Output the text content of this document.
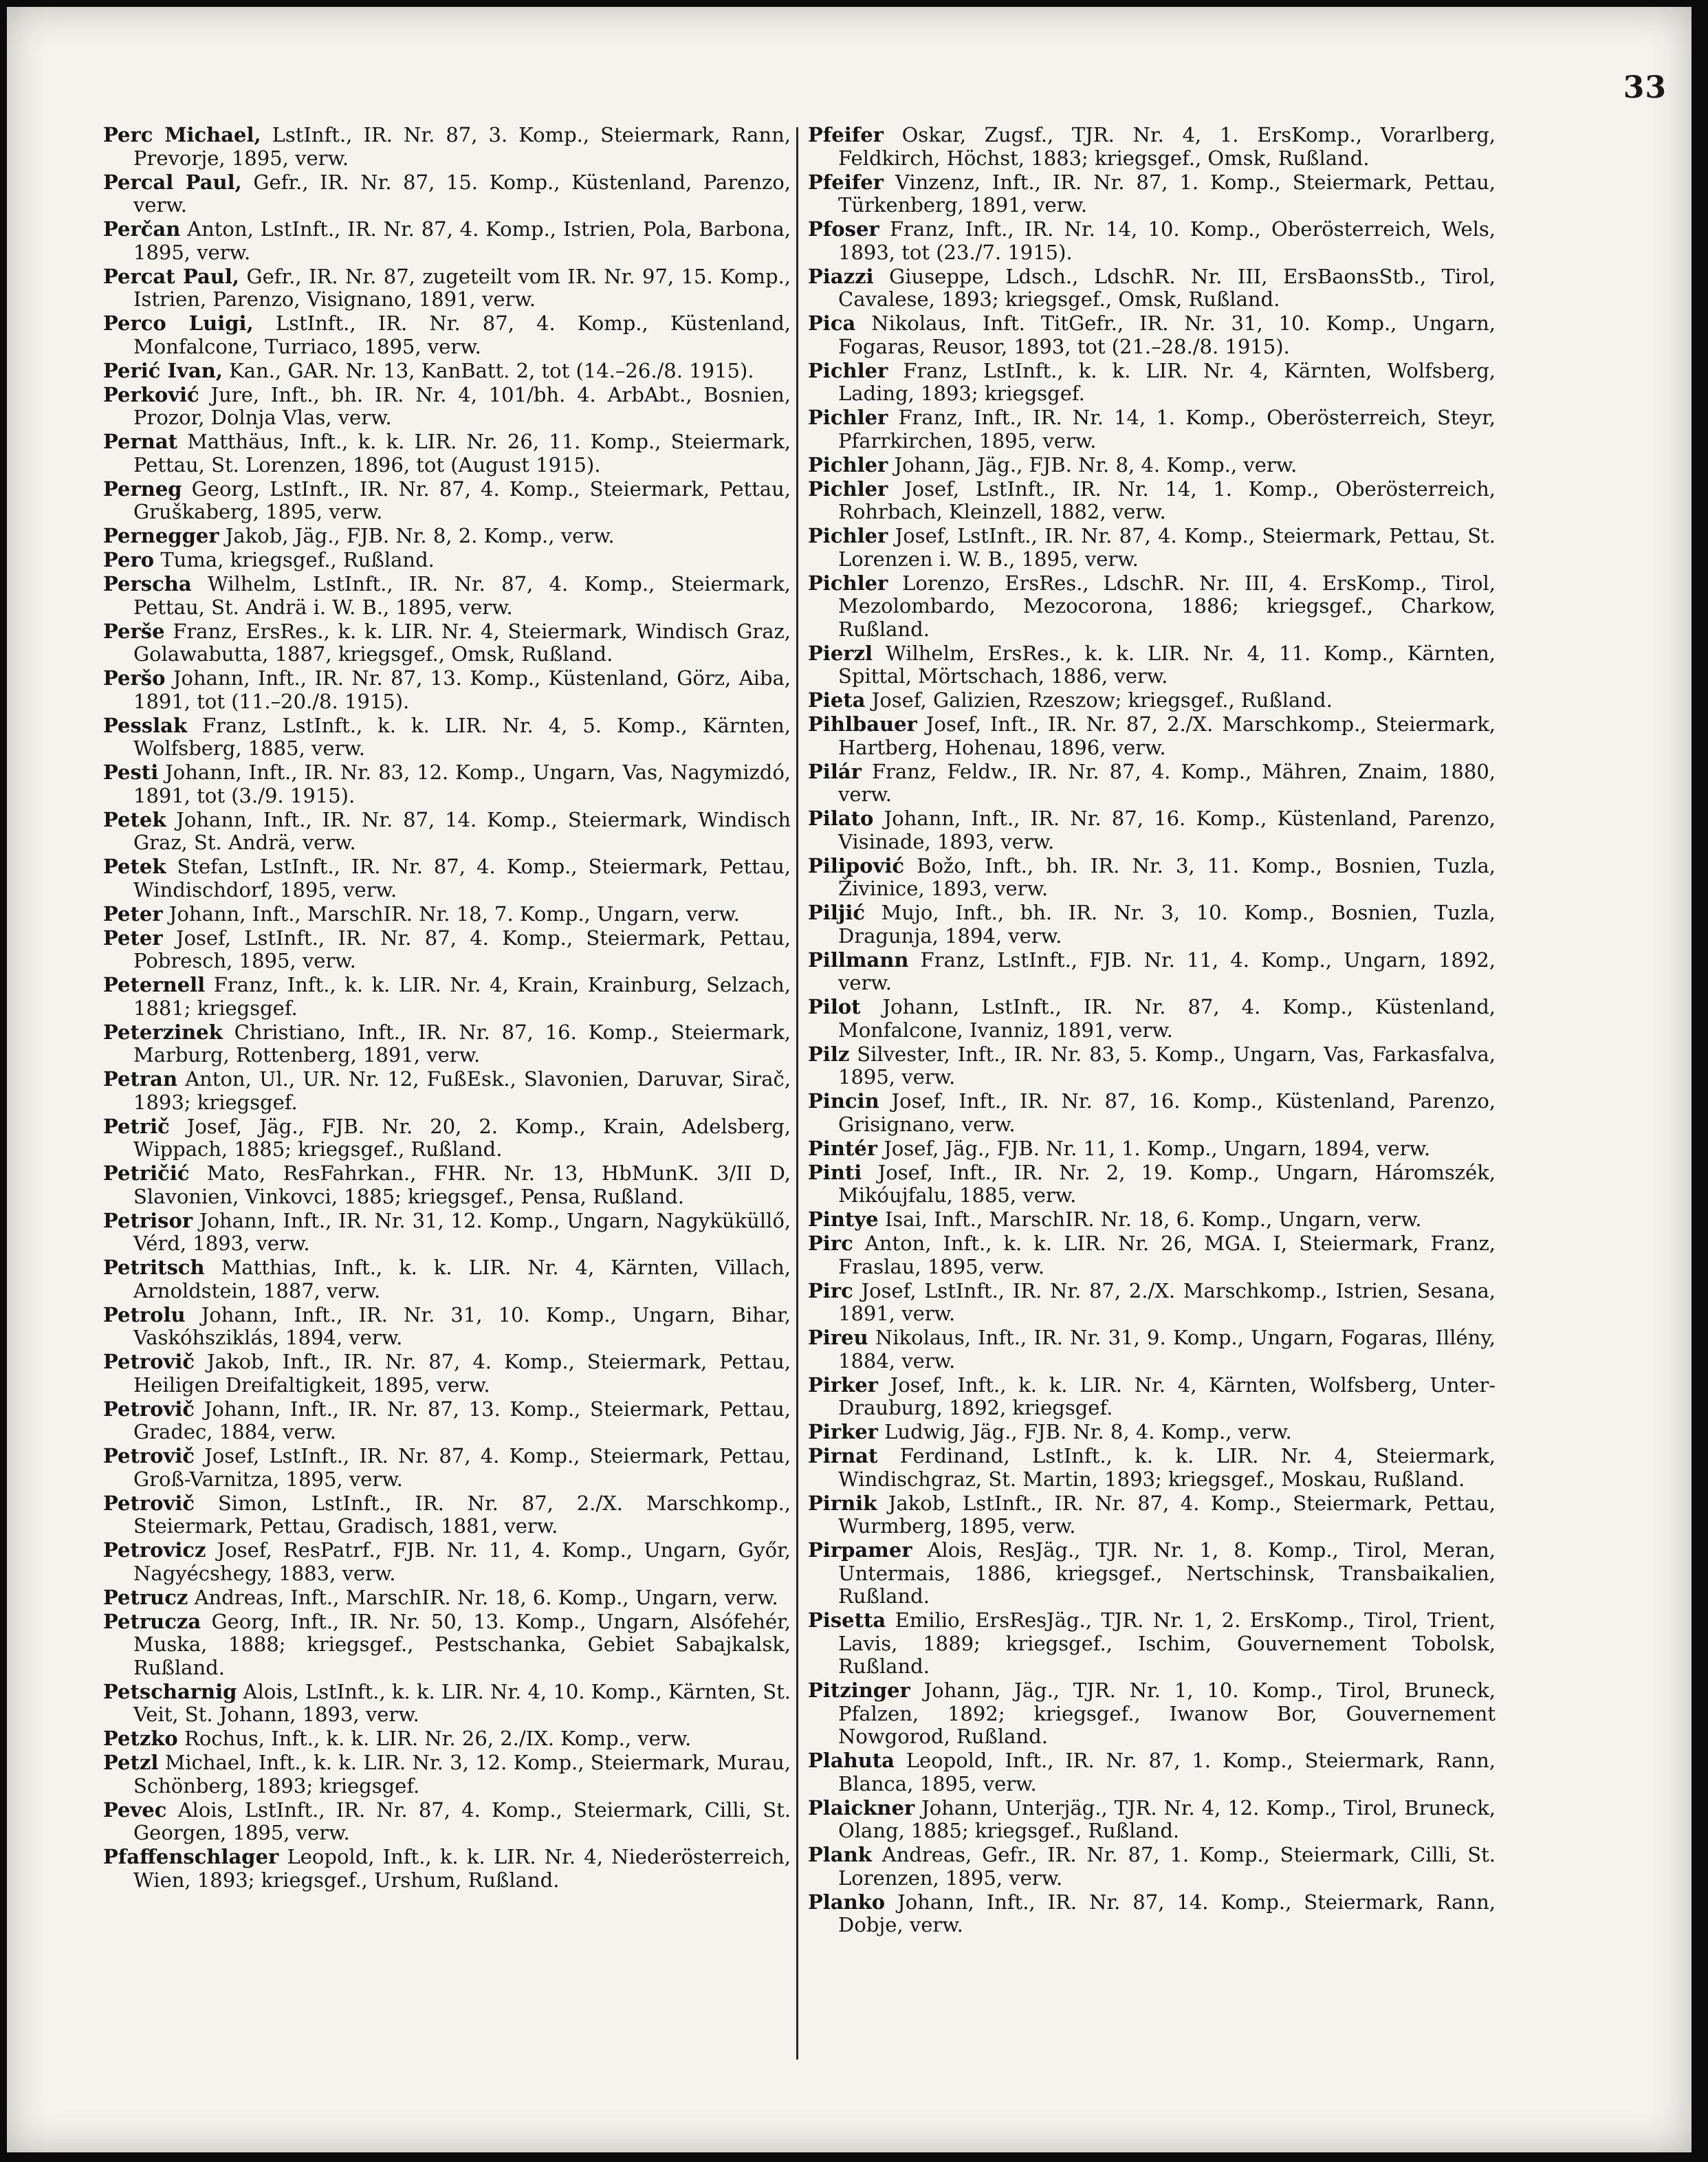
33

Perc Michael, LstInft., IR. Nr. 87, 3. Komp., Steiermark, Rann, Prevorje, 1895, verw.

Percal Paul, Gefr., IR. Nr. 87, 15. Komp., Küstenland, Parenzo, verw.

Perčan Anton, LstInft., IR. Nr. 87, 4. Komp., Istrien, Pola, Barbona, 1895, verw.

Percat Paul, Gefr., IR. Nr. 87, zugeteilt vom IR. Nr. 97, 15. Komp., Istrien, Parenzo, Visignano, 1891, verw.

Perco Luigi, LstInft., IR. Nr. 87, 4. Komp., Küstenland, Monfalcone, Turriaco, 1895, verw.

Perić Ivan, Kan., GAR. Nr. 13, KanBatt. 2, tot (14.–26./8. 1915).

Perković Jure, Inft., bh. IR. Nr. 4, 101/bh. 4. ArbAbt., Bosnien, Prozor, Dolnja Vlas, verw.

Pernat Matthäus, Inft., k. k. LIR. Nr. 26, 11. Komp., Steiermark, Pettau, St. Lorenzen, 1896, tot (August 1915).

Perneg Georg, LstInft., IR. Nr. 87, 4. Komp., Steiermark, Pettau, Gruškaberg, 1895, verw.

Pernegger Jakob, Jäg., FJB. Nr. 8, 2. Komp., verw.

Pero Tuma, kriegsgef., Rußland.

Perscha Wilhelm, LstInft., IR. Nr. 87, 4. Komp., Steiermark, Pettau, St. Andrä i. W. B., 1895, verw.

Perše Franz, ErsRes., k. k. LIR. Nr. 4, Steiermark, Windisch Graz, Golawabutta, 1887, kriegsgef., Omsk, Rußland.

Peršo Johann, Inft., IR. Nr. 87, 13. Komp., Küstenland, Görz, Aiba, 1891, tot (11.–20./8. 1915).

Pesslak Franz, LstInft., k. k. LIR. Nr. 4, 5. Komp., Kärnten, Wolfsberg, 1885, verw.

Pesti Johann, Inft., IR. Nr. 83, 12. Komp., Ungarn, Vas, Nagymizdó, 1891, tot (3./9. 1915).

Petek Johann, Inft., IR. Nr. 87, 14. Komp., Steiermark, Windisch Graz, St. Andrä, verw.

Petek Stefan, LstInft., IR. Nr. 87, 4. Komp., Steiermark, Pettau, Windischdorf, 1895, verw.

Peter Johann, Inft., MarschIR. Nr. 18, 7. Komp., Ungarn, verw.

Peter Josef, LstInft., IR. Nr. 87, 4. Komp., Steiermark, Pettau, Pobresch, 1895, verw.

Peternell Franz, Inft., k. k. LIR. Nr. 4, Krain, Krainburg, Selzach, 1881; kriegsgef.

Peterzinek Christiano, Inft., IR. Nr. 87, 16. Komp., Steiermark, Marburg, Rottenberg, 1891, verw.

Petran Anton, Ul., UR. Nr. 12, FußEsk., Slavonien, Daruvar, Sirač, 1893; kriegsgef.

Petrič Josef, Jäg., FJB. Nr. 20, 2. Komp., Krain, Adelsberg, Wippach, 1885; kriegsgef., Rußland.

Petričić Mato, ResFahrkan., FHR. Nr. 13, HbMunK. 3/II D, Slavonien, Vinkovci, 1885; kriegsgef., Pensa, Rußland.

Petrisor Johann, Inft., IR. Nr. 31, 12. Komp., Ungarn, Nagyküküllő, Vérd, 1893, verw.

Petritsch Matthias, Inft., k. k. LIR. Nr. 4, Kärnten, Villach, Arnoldstein, 1887, verw.

Petrolu Johann, Inft., IR. Nr. 31, 10. Komp., Ungarn, Bihar, Vaskóhsziklás, 1894, verw.

Petrovič Jakob, Inft., IR. Nr. 87, 4. Komp., Steiermark, Pettau, Heiligen Dreifaltigkeit, 1895, verw.

Petrovič Johann, Inft., IR. Nr. 87, 13. Komp., Steiermark, Pettau, Gradec, 1884, verw.

Petrovič Josef, LstInft., IR. Nr. 87, 4. Komp., Steiermark, Pettau, Groß-Varnitza, 1895, verw.

Petrovič Simon, LstInft., IR. Nr. 87, 2./X. Marschkomp., Steiermark, Pettau, Gradisch, 1881, verw.

Petrovicz Josef, ResPatrf., FJB. Nr. 11, 4. Komp., Ungarn, Győr, Nagyécshegy, 1883, verw.

Petrucz Andreas, Inft., MarschIR. Nr. 18, 6. Komp., Ungarn, verw.

Petrucza Georg, Inft., IR. Nr. 50, 13. Komp., Ungarn, Alsófehér, Muska, 1888; kriegsgef., Pestschanka, Gebiet Sabajkalsk, Rußland.

Petscharnig Alois, LstInft., k. k. LIR. Nr. 4, 10. Komp., Kärnten, St. Veit, St. Johann, 1893, verw.

Petzko Rochus, Inft., k. k. LIR. Nr. 26, 2./IX. Komp., verw.

Petzl Michael, Inft., k. k. LIR. Nr. 3, 12. Komp., Steiermark, Murau, Schönberg, 1893; kriegsgef.

Pevec Alois, LstInft., IR. Nr. 87, 4. Komp., Steiermark, Cilli, St. Georgen, 1895, verw.

Pfaffenschlager Leopold, Inft., k. k. LIR. Nr. 4, Niederösterreich, Wien, 1893; kriegsgef., Urshum, Rußland.

Pfeifer Oskar, Zugsf., TJR. Nr. 4, 1. ErsKomp., Vorarlberg, Feldkirch, Höchst, 1883; kriegsgef., Omsk, Rußland.

Pfeifer Vinzenz, Inft., IR. Nr. 87, 1. Komp., Steiermark, Pettau, Türkenberg, 1891, verw.

Pfoser Franz, Inft., IR. Nr. 14, 10. Komp., Oberösterreich, Wels, 1893, tot (23./7. 1915).

Piazzi Giuseppe, Ldsch., LdschR. Nr. III, ErsBaonsStb., Tirol, Cavalese, 1893; kriegsgef., Omsk, Rußland.

Pica Nikolaus, Inft. TitGefr., IR. Nr. 31, 10. Komp., Ungarn, Fogaras, Reusor, 1893, tot (21.–28./8. 1915).

Pichler Franz, LstInft., k. k. LIR. Nr. 4, Kärnten, Wolfsberg, Lading, 1893; kriegsgef.

Pichler Franz, Inft., IR. Nr. 14, 1. Komp., Oberösterreich, Steyr, Pfarrkirchen, 1895, verw.

Pichler Johann, Jäg., FJB. Nr. 8, 4. Komp., verw.

Pichler Josef, LstInft., IR. Nr. 14, 1. Komp., Oberösterreich, Rohrbach, Kleinzell, 1882, verw.

Pichler Josef, LstInft., IR. Nr. 87, 4. Komp., Steiermark, Pettau, St. Lorenzen i. W. B., 1895, verw.

Pichler Lorenzo, ErsRes., LdschR. Nr. III, 4. ErsKomp., Tirol, Mezolombardo, Mezocorona, 1886; kriegsgef., Charkow, Rußland.

Pierzl Wilhelm, ErsRes., k. k. LIR. Nr. 4, 11. Komp., Kärnten, Spittal, Mörtschach, 1886, verw.

Pieta Josef, Galizien, Rzeszow; kriegsgef., Rußland.

Pihlbauer Josef, Inft., IR. Nr. 87, 2./X. Marschkomp., Steiermark, Hartberg, Hohenau, 1896, verw.

Pilár Franz, Feldw., IR. Nr. 87, 4. Komp., Mähren, Znaim, 1880, verw.

Pilato Johann, Inft., IR. Nr. 87, 16. Komp., Küstenland, Parenzo, Visinade, 1893, verw.

Pilipović Božo, Inft., bh. IR. Nr. 3, 11. Komp., Bosnien, Tuzla, Živinice, 1893, verw.

Piljić Mujo, Inft., bh. IR. Nr. 3, 10. Komp., Bosnien, Tuzla, Dragunja, 1894, verw.

Pillmann Franz, LstInft., FJB. Nr. 11, 4. Komp., Ungarn, 1892, verw.

Pilot Johann, LstInft., IR. Nr. 87, 4. Komp., Küstenland, Monfalcone, Ivanniz, 1891, verw.

Pilz Silvester, Inft., IR. Nr. 83, 5. Komp., Ungarn, Vas, Farkasfalva, 1895, verw.

Pincin Josef, Inft., IR. Nr. 87, 16. Komp., Küstenland, Parenzo, Grisignano, verw.

Pintér Josef, Jäg., FJB. Nr. 11, 1. Komp., Ungarn, 1894, verw.

Pinti Josef, Inft., IR. Nr. 2, 19. Komp., Ungarn, Háromszék, Mikóujfalu, 1885, verw.

Pintye Isai, Inft., MarschIR. Nr. 18, 6. Komp., Ungarn, verw.

Pirc Anton, Inft., k. k. LIR. Nr. 26, MGA. I, Steiermark, Franz, Fraslau, 1895, verw.

Pirc Josef, LstInft., IR. Nr. 87, 2./X. Marschkomp., Istrien, Sesana, 1891, verw.

Pireu Nikolaus, Inft., IR. Nr. 31, 9. Komp., Ungarn, Fogaras, Illény, 1884, verw.

Pirker Josef, Inft., k. k. LIR. Nr. 4, Kärnten, Wolfsberg, Unter-Drauburg, 1892, kriegsgef.

Pirker Ludwig, Jäg., FJB. Nr. 8, 4. Komp., verw.

Pirnat Ferdinand, LstInft., k. k. LIR. Nr. 4, Steiermark, Windischgraz, St. Martin, 1893; kriegsgef., Moskau, Rußland.

Pirnik Jakob, LstInft., IR. Nr. 87, 4. Komp., Steiermark, Pettau, Wurmberg, 1895, verw.

Pirpamer Alois, ResJäg., TJR. Nr. 1, 8. Komp., Tirol, Meran, Untermais, 1886, kriegsgef., Nertschinsk, Transbaikalien, Rußland.

Pisetta Emilio, ErsResJäg., TJR. Nr. 1, 2. ErsKomp., Tirol, Trient, Lavis, 1889; kriegsgef., Ischim, Gouvernement Tobolsk, Rußland.

Pitzinger Johann, Jäg., TJR. Nr. 1, 10. Komp., Tirol, Bruneck, Pfalzen, 1892; kriegsgef., Iwanow Bor, Gouvernement Nowgorod, Rußland.

Plahuta Leopold, Inft., IR. Nr. 87, 1. Komp., Steiermark, Rann, Blanca, 1895, verw.

Plaickner Johann, Unterjäg., TJR. Nr. 4, 12. Komp., Tirol, Bruneck, Olang, 1885; kriegsgef., Rußland.

Plank Andreas, Gefr., IR. Nr. 87, 1. Komp., Steiermark, Cilli, St. Lorenzen, 1895, verw.

Planko Johann, Inft., IR. Nr. 87, 14. Komp., Steiermark, Rann, Dobje, verw.
